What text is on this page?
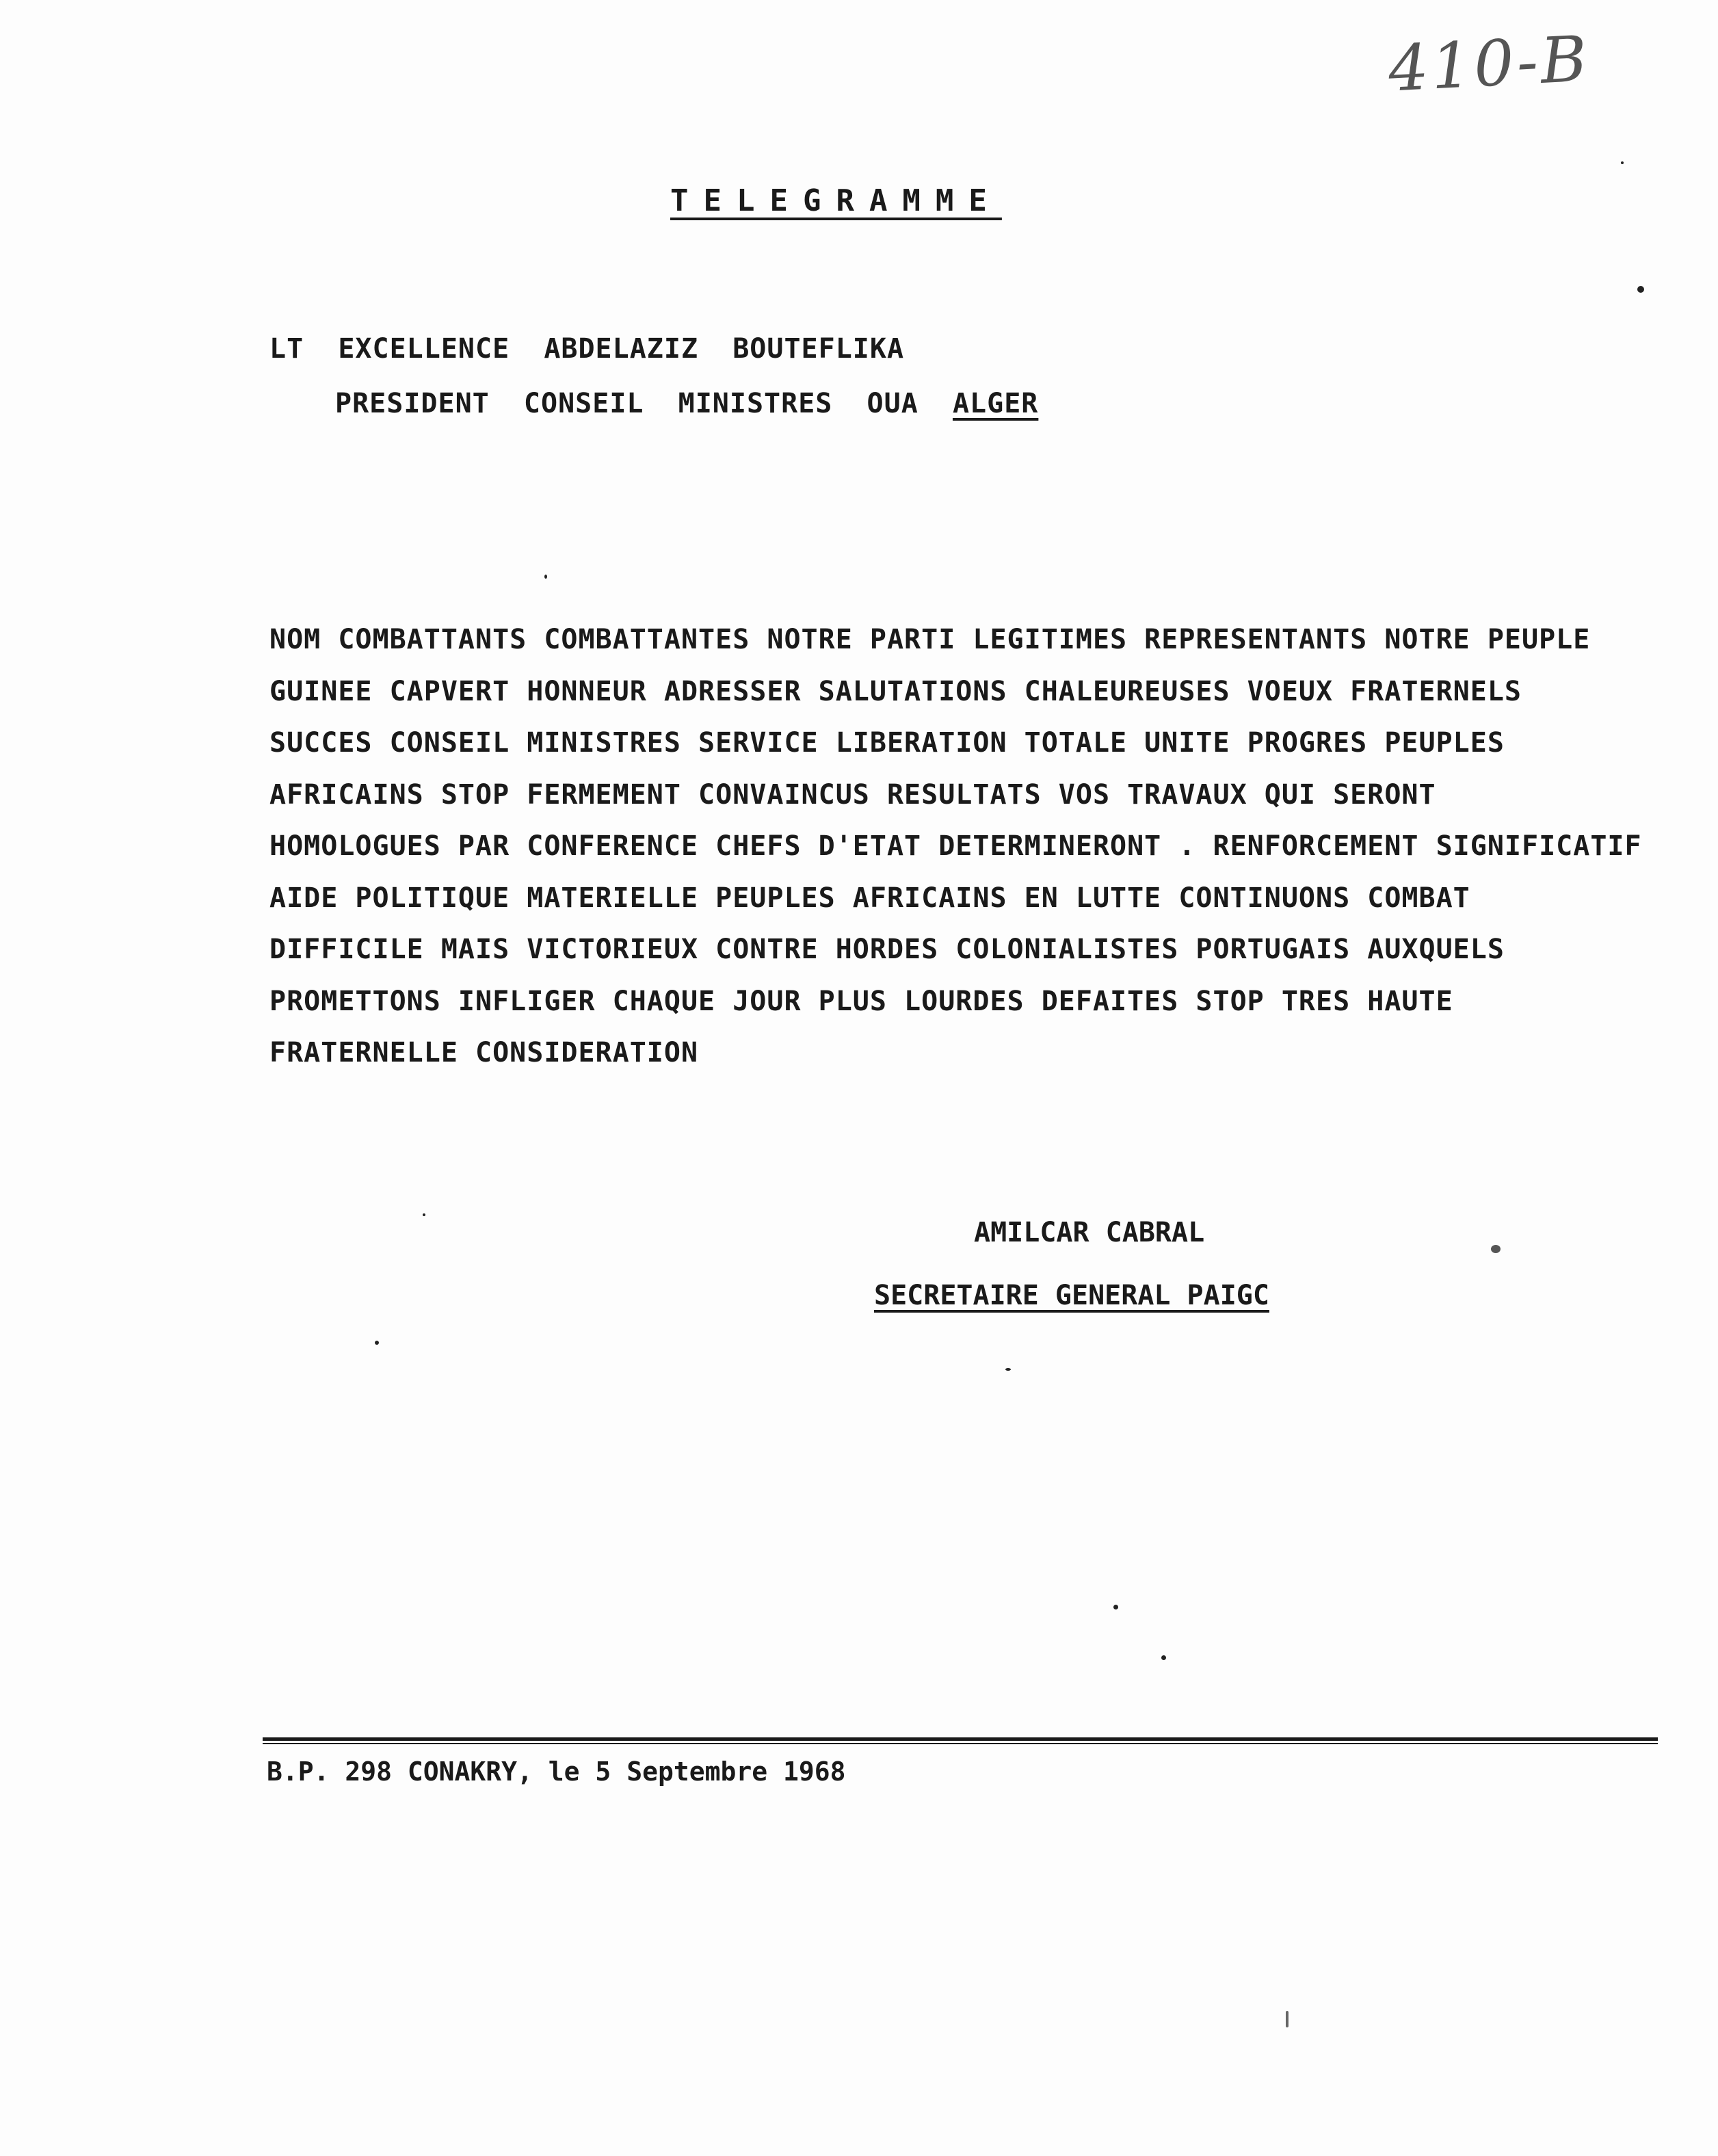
410-B
TELEGRAMME
LT  EXCELLENCE  ABDELAZIZ  BOUTEFLIKA
PRESIDENT  CONSEIL  MINISTRES  OUA  ALGER
NOM COMBATTANTS COMBATTANTES NOTRE PARTI LEGITIMES REPRESENTANTS NOTRE PEUPLE
GUINEE CAPVERT HONNEUR ADRESSER SALUTATIONS CHALEUREUSES VOEUX FRATERNELS
SUCCES CONSEIL MINISTRES SERVICE LIBERATION TOTALE UNITE PROGRES PEUPLES
AFRICAINS STOP FERMEMENT CONVAINCUS RESULTATS VOS TRAVAUX QUI SERONT
HOMOLOGUES PAR CONFERENCE CHEFS D'ETAT DETERMINERONT . RENFORCEMENT SIGNIFICATIF
AIDE POLITIQUE MATERIELLE PEUPLES AFRICAINS EN LUTTE CONTINUONS COMBAT
DIFFICILE MAIS VICTORIEUX CONTRE HORDES COLONIALISTES PORTUGAIS AUXQUELS
PROMETTONS INFLIGER CHAQUE JOUR PLUS LOURDES DEFAITES STOP TRES HAUTE
FRATERNELLE CONSIDERATION
AMILCAR CABRAL
SECRETAIRE GENERAL PAIGC
B.P. 298 CONAKRY, le 5 Septembre 1968
